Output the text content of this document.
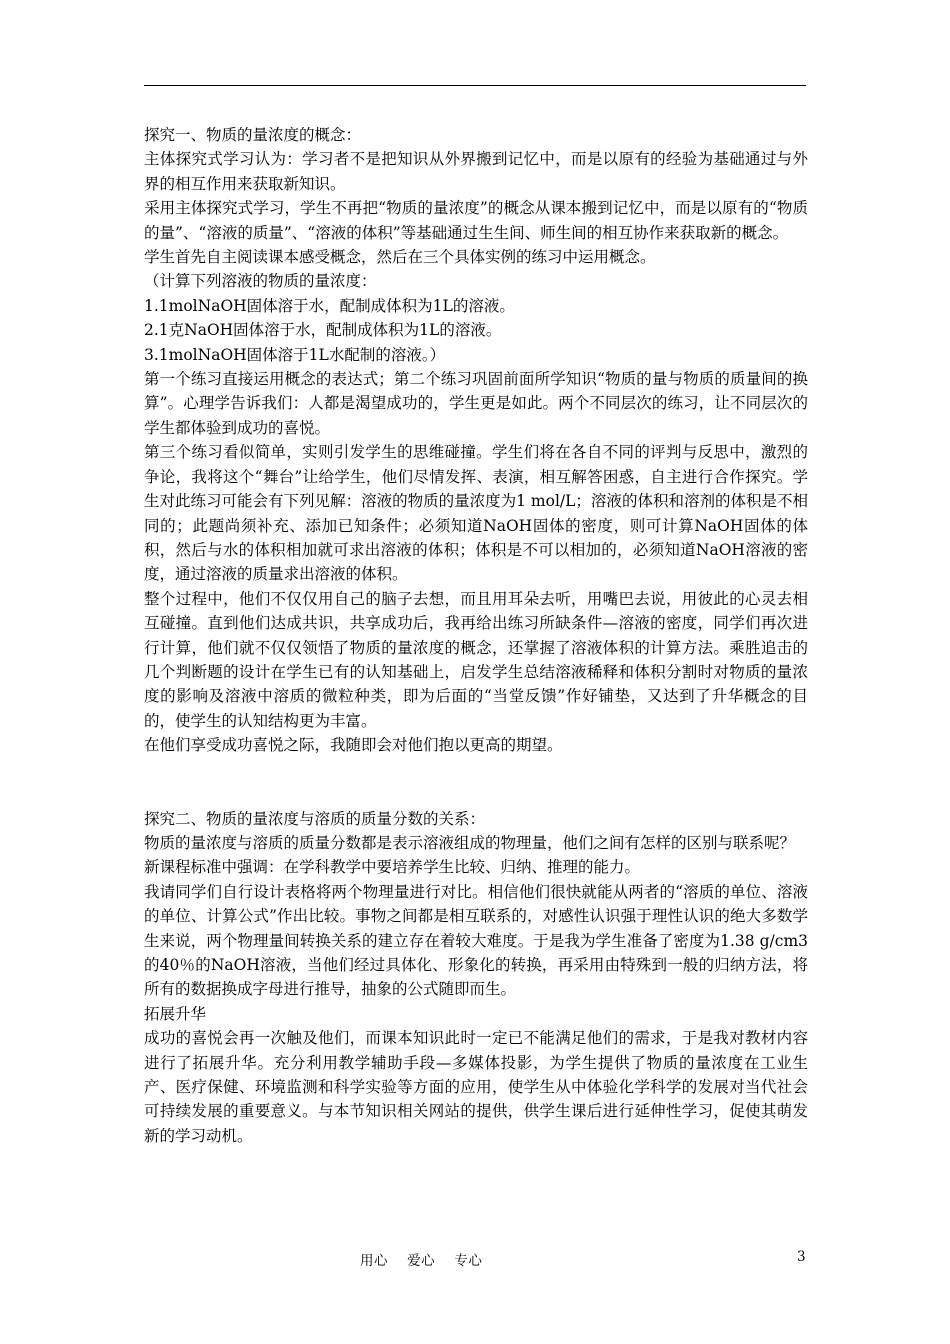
探究一、物质的量浓度的概念：

主体探究式学习认为：学习者不是把知识从外界搬到记忆中，而是以原有的经验为基础通过与外界的相互作用来获取新知识。

采用主体探究式学习，学生不再把“物质的量浓度”的概念从课本搬到记忆中，而是以原有的“物质的量”、“溶液的质量”、“溶液的体积”等基础通过生生间、师生间的相互协作来获取新的概念。

学生首先自主阅读课本感受概念，然后在三个具体实例的练习中运用概念。

（计算下列溶液的物质的量浓度：

1.1molNaOH固体溶于水，配制成体积为1L的溶液。

2.1克NaOH固体溶于水，配制成体积为1L的溶液。

3.1molNaOH固体溶于1L水配制的溶液。）

第一个练习直接运用概念的表达式；第二个练习巩固前面所学知识“物质的量与物质的质量间的换算”。心理学告诉我们：人都是渴望成功的，学生更是如此。两个不同层次的练习，让不同层次的学生都体验到成功的喜悦。

第三个练习看似简单，实则引发学生的思维碰撞。学生们将在各自不同的评判与反思中，激烈的争论，我将这个“舞台”让给学生，他们尽情发挥、表演，相互解答困惑，自主进行合作探究。学生对此练习可能会有下列见解：溶液的物质的量浓度为1 mol/L；溶液的体积和溶剂的体积是不相同的；此题尚须补充、添加已知条件；必须知道NaOH固体的密度，则可计算NaOH固体的体积，然后与水的体积相加就可求出溶液的体积；体积是不可以相加的，必须知道NaOH溶液的密度，通过溶液的质量求出溶液的体积。

整个过程中，他们不仅仅用自己的脑子去想，而且用耳朵去听，用嘴巴去说，用彼此的心灵去相互碰撞。直到他们达成共识，共享成功后，我再给出练习所缺条件—溶液的密度，同学们再次进行计算，他们就不仅仅领悟了物质的量浓度的概念，还掌握了溶液体积的计算方法。乘胜追击的几个判断题的设计在学生已有的认知基础上，启发学生总结溶液稀释和体积分割时对物质的量浓度的影响及溶液中溶质的微粒种类，即为后面的“当堂反馈”作好铺垫，又达到了升华概念的目的，使学生的认知结构更为丰富。

在他们享受成功喜悦之际，我随即会对他们抱以更高的期望。

探究二、物质的量浓度与溶质的质量分数的关系：

物质的量浓度与溶质的质量分数都是表示溶液组成的物理量，他们之间有怎样的区别与联系呢？

新课程标准中强调：在学科教学中要培养学生比较、归纳、推理的能力。

我请同学们自行设计表格将两个物理量进行对比。相信他们很快就能从两者的“溶质的单位、溶液的单位、计算公式”作出比较。事物之间都是相互联系的，对感性认识强于理性认识的绝大多数学生来说，两个物理量间转换关系的建立存在着较大难度。于是我为学生准备了密度为1.38 g/cm3的40％的NaOH溶液，当他们经过具体化、形象化的转换，再采用由特殊到一般的归纳方法，将所有的数据换成字母进行推导，抽象的公式随即而生。

拓展升华

成功的喜悦会再一次触及他们，而课本知识此时一定已不能满足他们的需求，于是我对教材内容进行了拓展升华。充分利用教学辅助手段—多媒体投影，为学生提供了物质的量浓度在工业生产、医疗保健、环境监测和科学实验等方面的应用，使学生从中体验化学科学的发展对当代社会可持续发展的重要意义。与本节知识相关网站的提供，供学生课后进行延伸性学习，促使其萌发新的学习动机。

用心    爱心    专心	3
